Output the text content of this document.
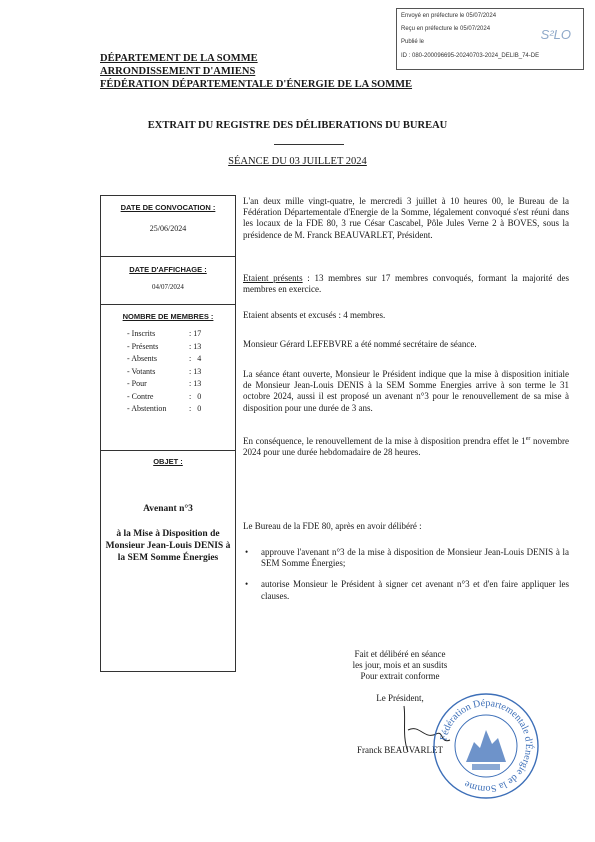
Envoyé en préfecture le 05/07/2024
Reçu en préfecture le 05/07/2024
Publié le
ID : 080-200096695-20240703-2024_DELIB_74-DE
S²LO
DÉPARTEMENT DE LA SOMME
ARRONDISSEMENT D'AMIENS
FÉDÉRATION DÉPARTEMENTALE D'ÉNERGIE DE LA SOMME
EXTRAIT DU REGISTRE DES DÉLIBERATIONS DU BUREAU
SÉANCE DU 03 JUILLET 2024
DATE DE CONVOCATION :
25/06/2024
DATE D'AFFICHAGE :
04/07/2024
NOMBRE DE MEMBRES :
- Inscrits	: 17
- Présents	: 13
- Absents	:   4
- Votants	: 13
- Pour	: 13
- Contre	:   0
- Abstention	:   0
OBJET :
Avenant n°3
à la Mise à Disposition de Monsieur Jean-Louis DENIS à la SEM Somme Énergies
L'an deux mille vingt-quatre, le mercredi 3 juillet à 10 heures 00, le Bureau de la Fédération Départementale d'Energie de la Somme, légalement convoqué s'est réuni dans les locaux de la FDE 80, 3 rue César Cascabel, Pôle Jules Verne 2 à BOVES, sous la présidence de M. Franck BEAUVARLET, Président.
Etaient présents : 13 membres sur 17 membres convoqués, formant la majorité des membres en exercice.
Etaient absents et excusés : 4 membres.
Monsieur Gérard LEFEBVRE a été nommé secrétaire de séance.
La séance étant ouverte, Monsieur le Président indique que la mise à disposition initiale de Monsieur Jean-Louis DENIS à la SEM Somme Energies arrive à son terme le 31 octobre 2024, aussi il est proposé un avenant n°3 pour le renouvellement de sa mise à disposition pour une durée de 3 ans.
En conséquence, le renouvellement de la mise à disposition prendra effet le 1er novembre 2024 pour une durée hebdomadaire de 28 heures.
Le Bureau de la FDE 80, après en avoir délibéré :
• approuve l'avenant n°3 de la mise à disposition de Monsieur Jean-Louis DENIS à la SEM Somme Énergies;
• autorise Monsieur le Président à signer cet avenant n°3 et d'en faire appliquer les clauses.
Fait et délibéré en séance
les jour, mois et an susdits
Pour extrait conforme
Le Président,
Franck BEAUVARLET
Fédération Départementale d'Énergie de la Somme
